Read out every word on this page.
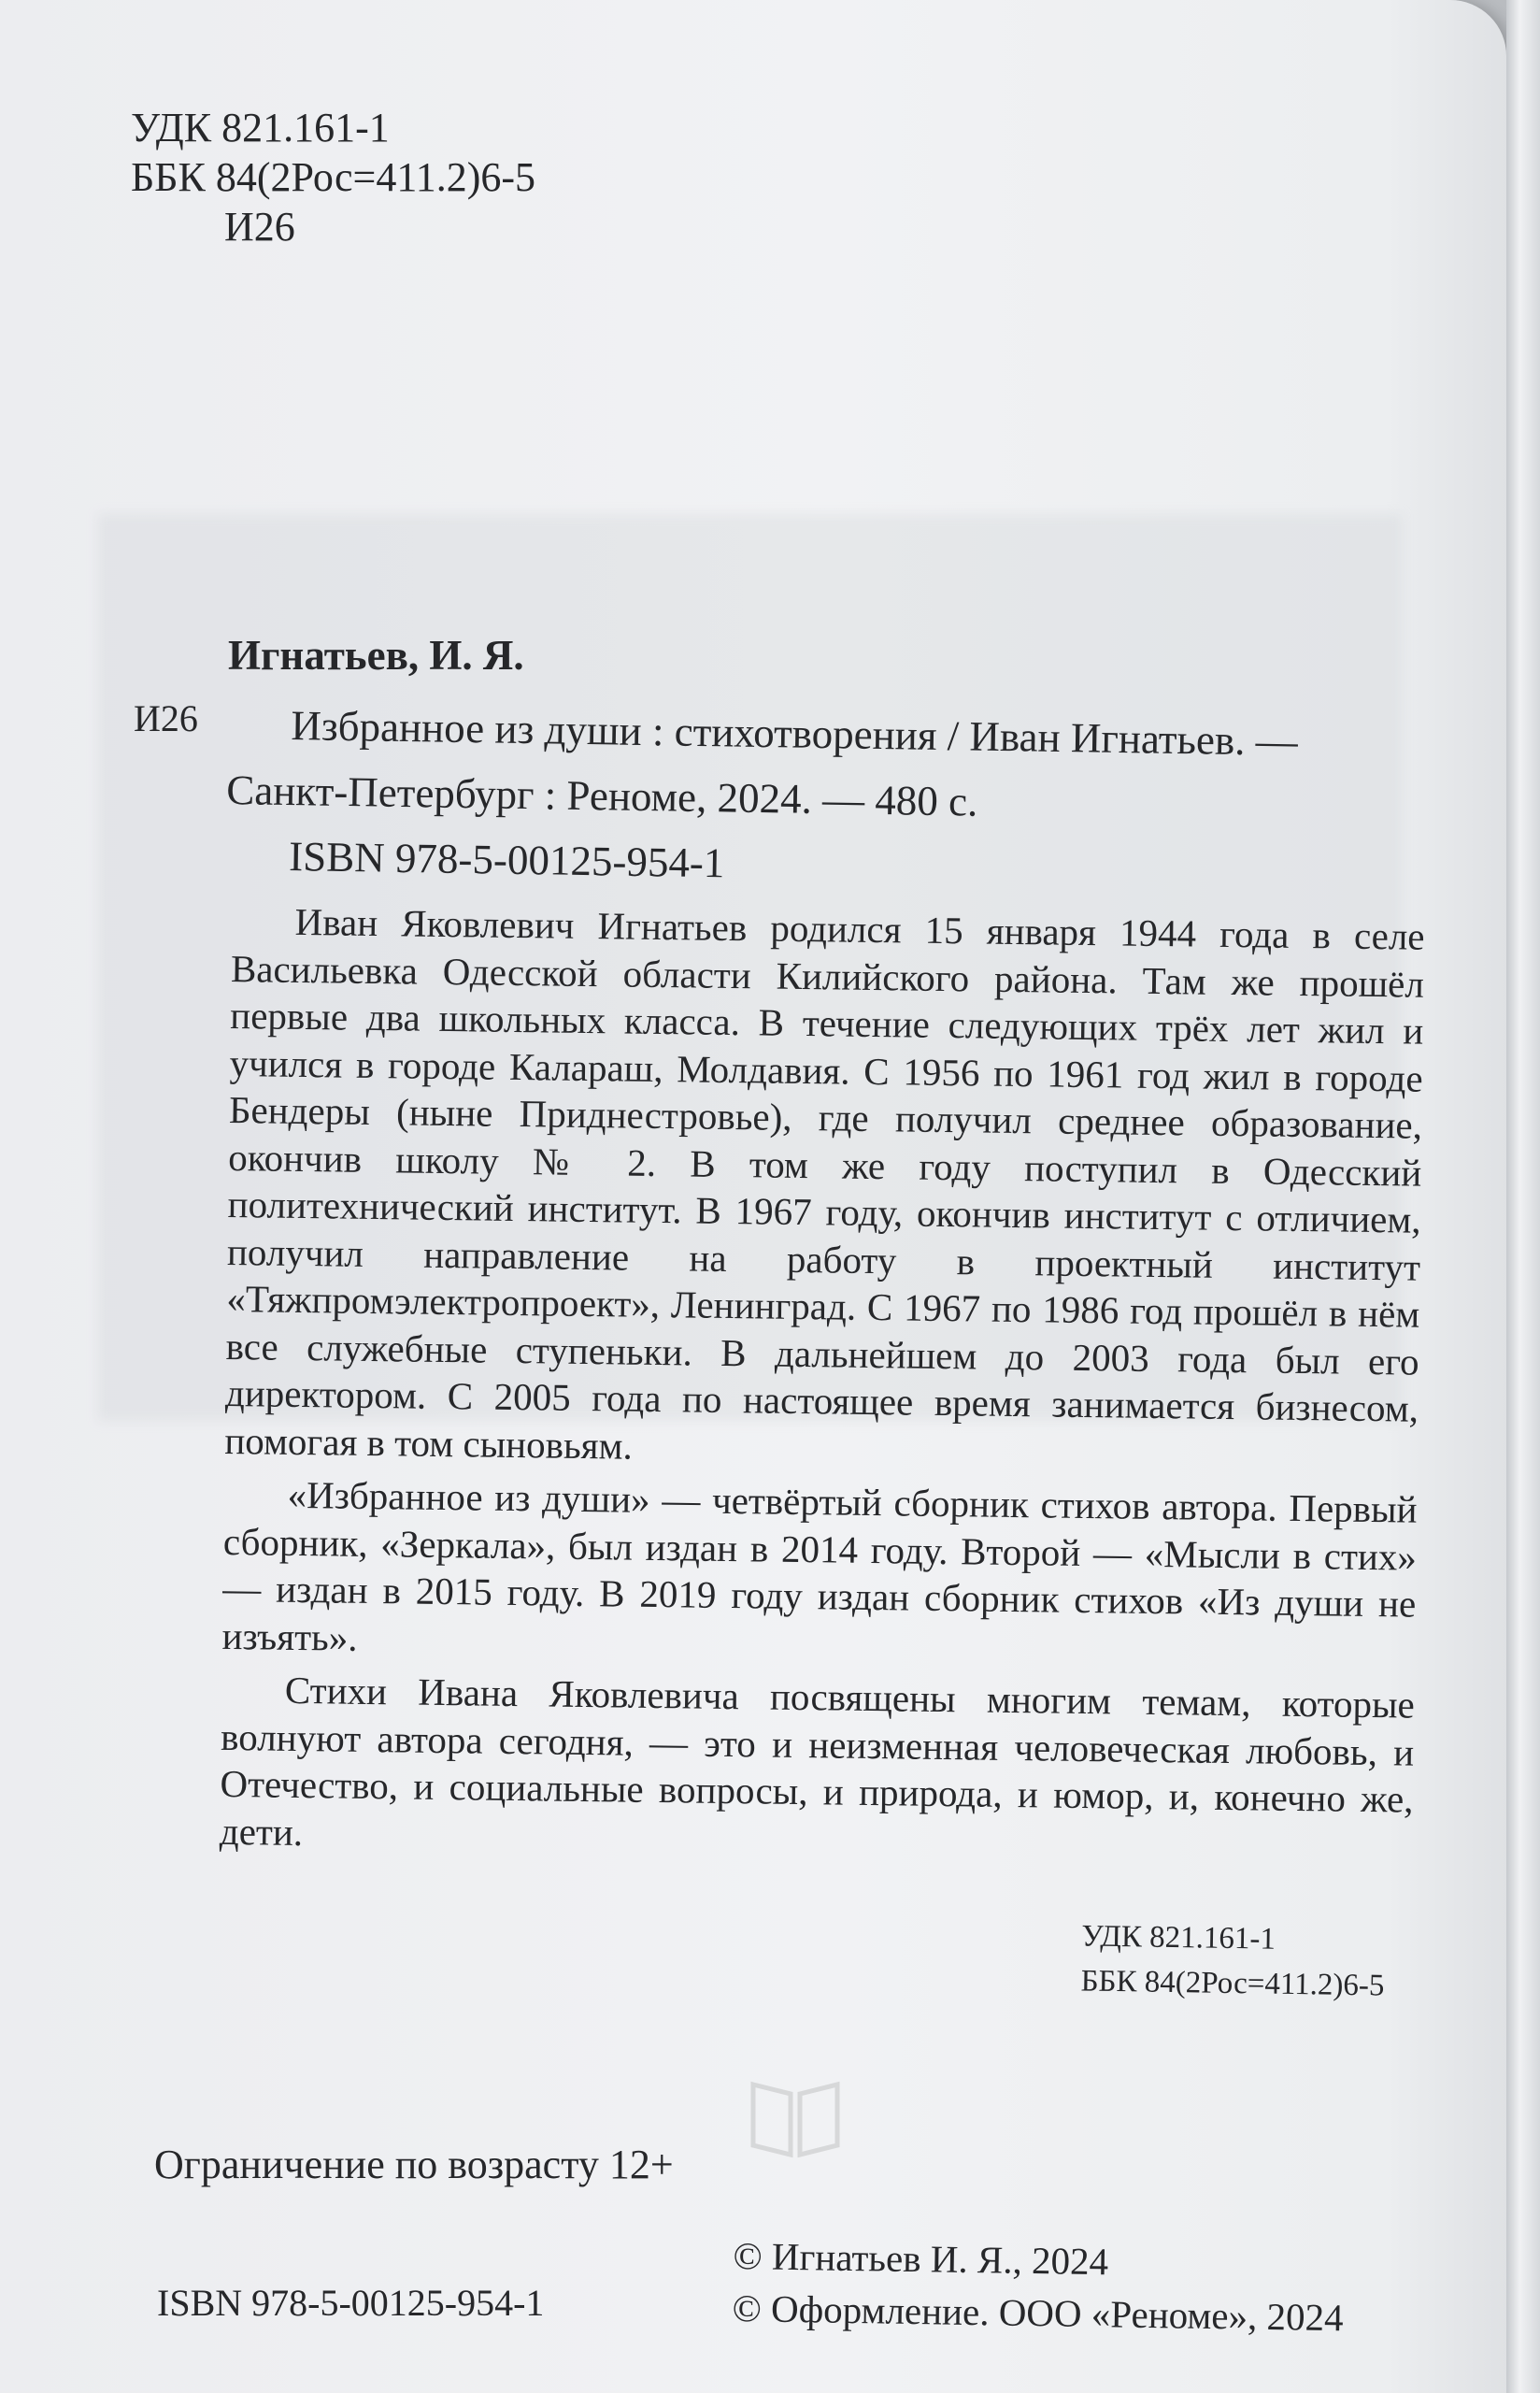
УДК 821.161-1
ББК 84(2Рос=411.2)6-5
И26
Игнатьев, И. Я.
И26	Избранное из души : стихотворения / Иван Игнатьев. —
Санкт-Петербург : Реноме, 2024. — 480 с.
ISBN 978-5-00125-954-1

Иван Яковлевич Игнатьев родился 15 января 1944 года в селе Васильевка Одесской области Килийского района. Там же прошёл первые два школьных класса. В течение следующих трёх лет жил и учился в городе Калараш, Молдавия. С 1956 по 1961 год жил в городе Бендеры (ныне Приднестровье), где получил среднее образование, окончив школу № 2. В том же году поступил в Одесский политехнический институт. В 1967 году, окончив институт с отличием, получил направление на работу в проектный институт «Тяжпромэлектропроект», Ленинград. С 1967 по 1986 год прошёл в нём все служебные ступеньки. В дальнейшем до 2003 года был его директором. С 2005 года по настоящее время занимается бизнесом, помогая в том сыновьям.

«Избранное из души» — четвёртый сборник стихов автора. Первый сборник, «Зеркала», был издан в 2014 году. Второй — «Мысли в стих» — издан в 2015 году. В 2019 году издан сборник стихов «Из души не изъять».

Стихи Ивана Яковлевича посвящены многим темам, которые волнуют автора сегодня, — это и неизменная человеческая любовь, и Отечество, и социальные вопросы, и природа, и юмор, и, конечно же, дети.

УДК 821.161-1
ББК 84(2Рос=411.2)6-5
Ограничение по возрасту 12+
ISBN 978-5-00125-954-1
© Игнатьев И. Я., 2024
© Оформление. ООО «Реноме», 2024
